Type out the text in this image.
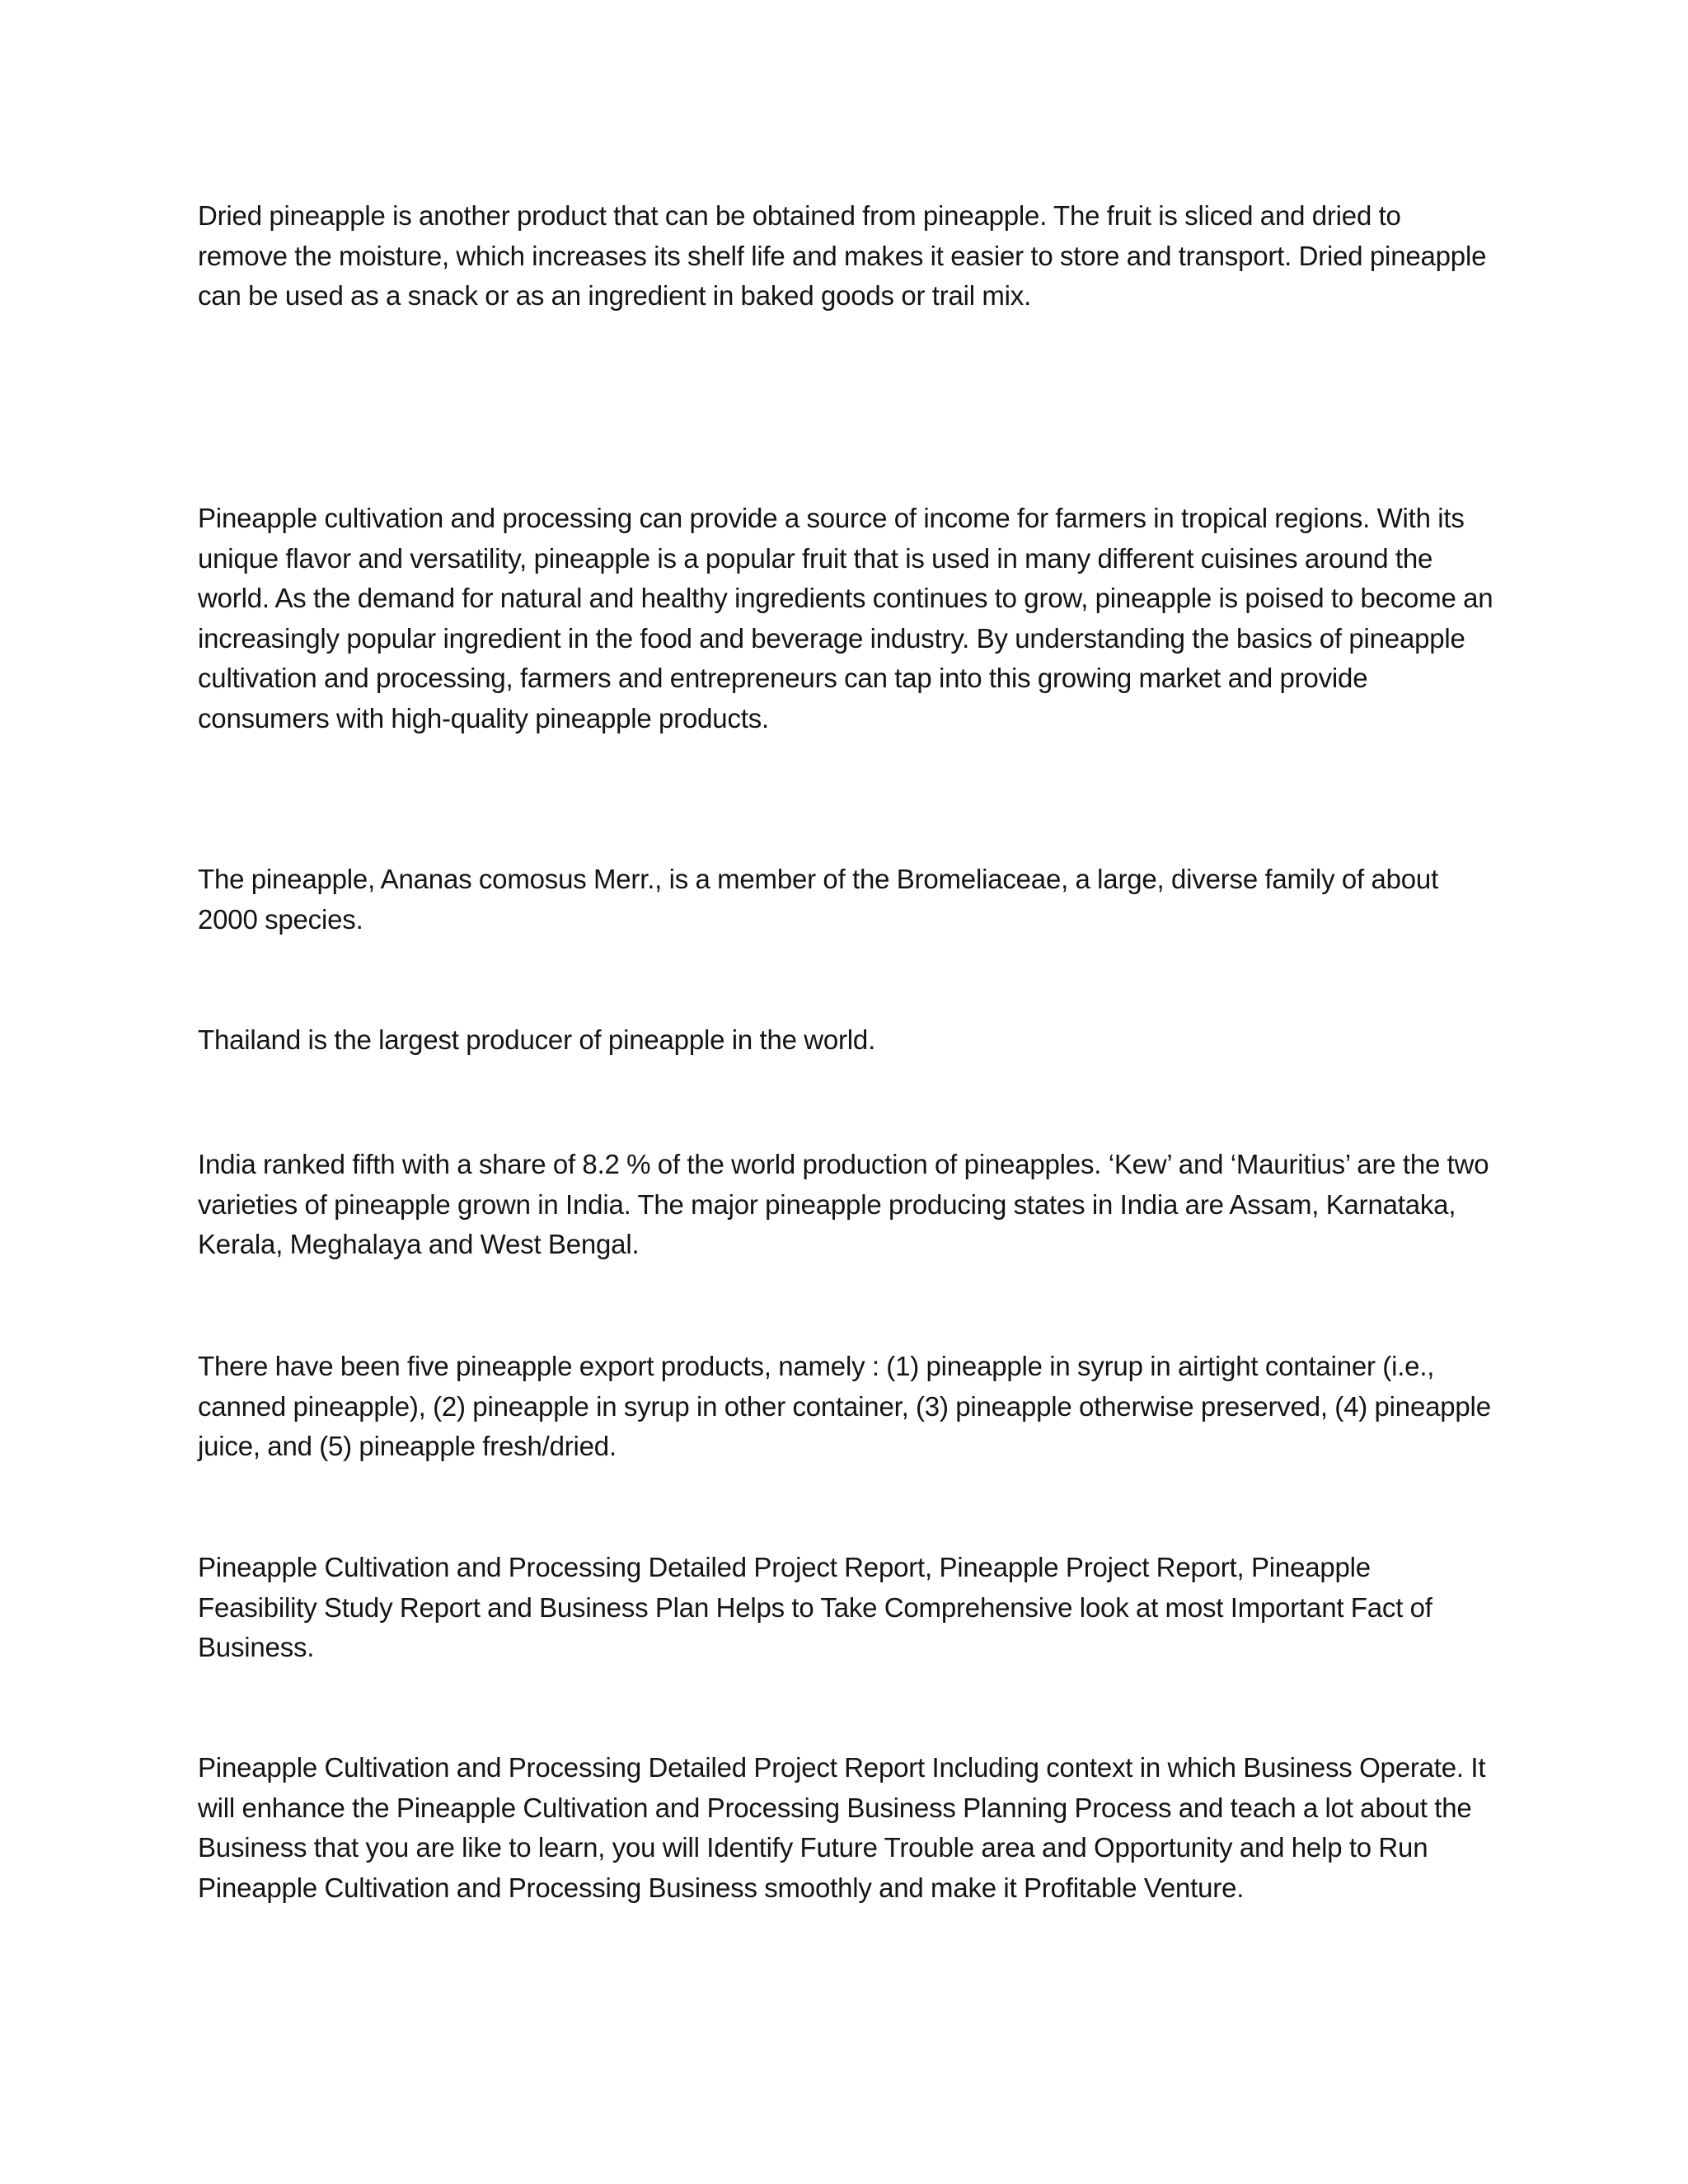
Dried pineapple is another product that can be obtained from pineapple. The fruit is sliced and dried to remove the moisture, which increases its shelf life and makes it easier to store and transport. Dried pineapple can be used as a snack or as an ingredient in baked goods or trail mix.

Pineapple cultivation and processing can provide a source of income for farmers in tropical regions. With its unique flavor and versatility, pineapple is a popular fruit that is used in many different cuisines around the world. As the demand for natural and healthy ingredients continues to grow, pineapple is poised to become an increasingly popular ingredient in the food and beverage industry. By understanding the basics of pineapple cultivation and processing, farmers and entrepreneurs can tap into this growing market and provide consumers with high-quality pineapple products.

The pineapple, Ananas comosus Merr., is a member of the Bromeliaceae, a large, diverse family of about 2000 species.

Thailand is the largest producer of pineapple in the world.

India ranked fifth with a share of 8.2 % of the world production of pineapples. ‘Kew’ and ‘Mauritius’ are the two varieties of pineapple grown in India. The major pineapple producing states in India are Assam, Karnataka, Kerala, Meghalaya and West Bengal.

There have been five pineapple export products, namely : (1) pineapple in syrup in airtight container (i.e., canned pineapple), (2) pineapple in syrup in other container, (3) pineapple otherwise preserved, (4) pineapple juice, and (5) pineapple fresh/dried.

Pineapple Cultivation and Processing Detailed Project Report, Pineapple Project Report, Pineapple Feasibility Study Report and Business Plan Helps to Take Comprehensive look at most Important Fact of Business.

Pineapple Cultivation and Processing Detailed Project Report Including context in which Business Operate. It will enhance the Pineapple Cultivation and Processing Business Planning Process and teach a lot about the Business that you are like to learn, you will Identify Future Trouble area and Opportunity and help to Run Pineapple Cultivation and Processing Business smoothly and make it Profitable Venture.
